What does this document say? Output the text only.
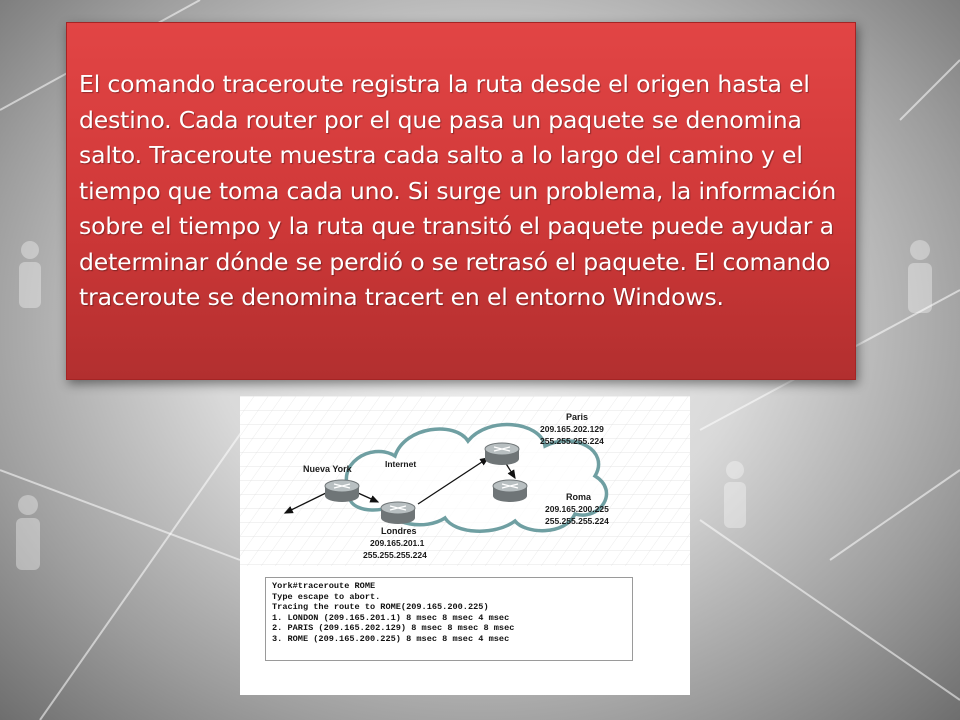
El comando traceroute registra la ruta desde el origen hasta el destino. Cada router por el que pasa un paquete se denomina salto. Traceroute muestra cada salto a lo largo del camino y el tiempo que toma cada uno. Si surge un problema, la información sobre el tiempo y la ruta que transitó el paquete puede ayudar a determinar dónde se perdió o se retrasó el paquete. El comando traceroute se denomina tracert en el entorno Windows.

Internet
Nueva York
Londres
209.165.201.1
255.255.255.224
Paris
209.165.202.129
255.255.255.224
Roma
209.165.200.225
255.255.255.224
York#traceroute ROME
Type escape to abort.
Tracing the route to ROME(209.165.200.225)
1. LONDON (209.165.201.1) 8 msec 8 msec 4 msec
2. PARIS (209.165.202.129) 8 msec 8 msec 8 msec
3. ROME (209.165.200.225) 8 msec 8 msec 4 msec
